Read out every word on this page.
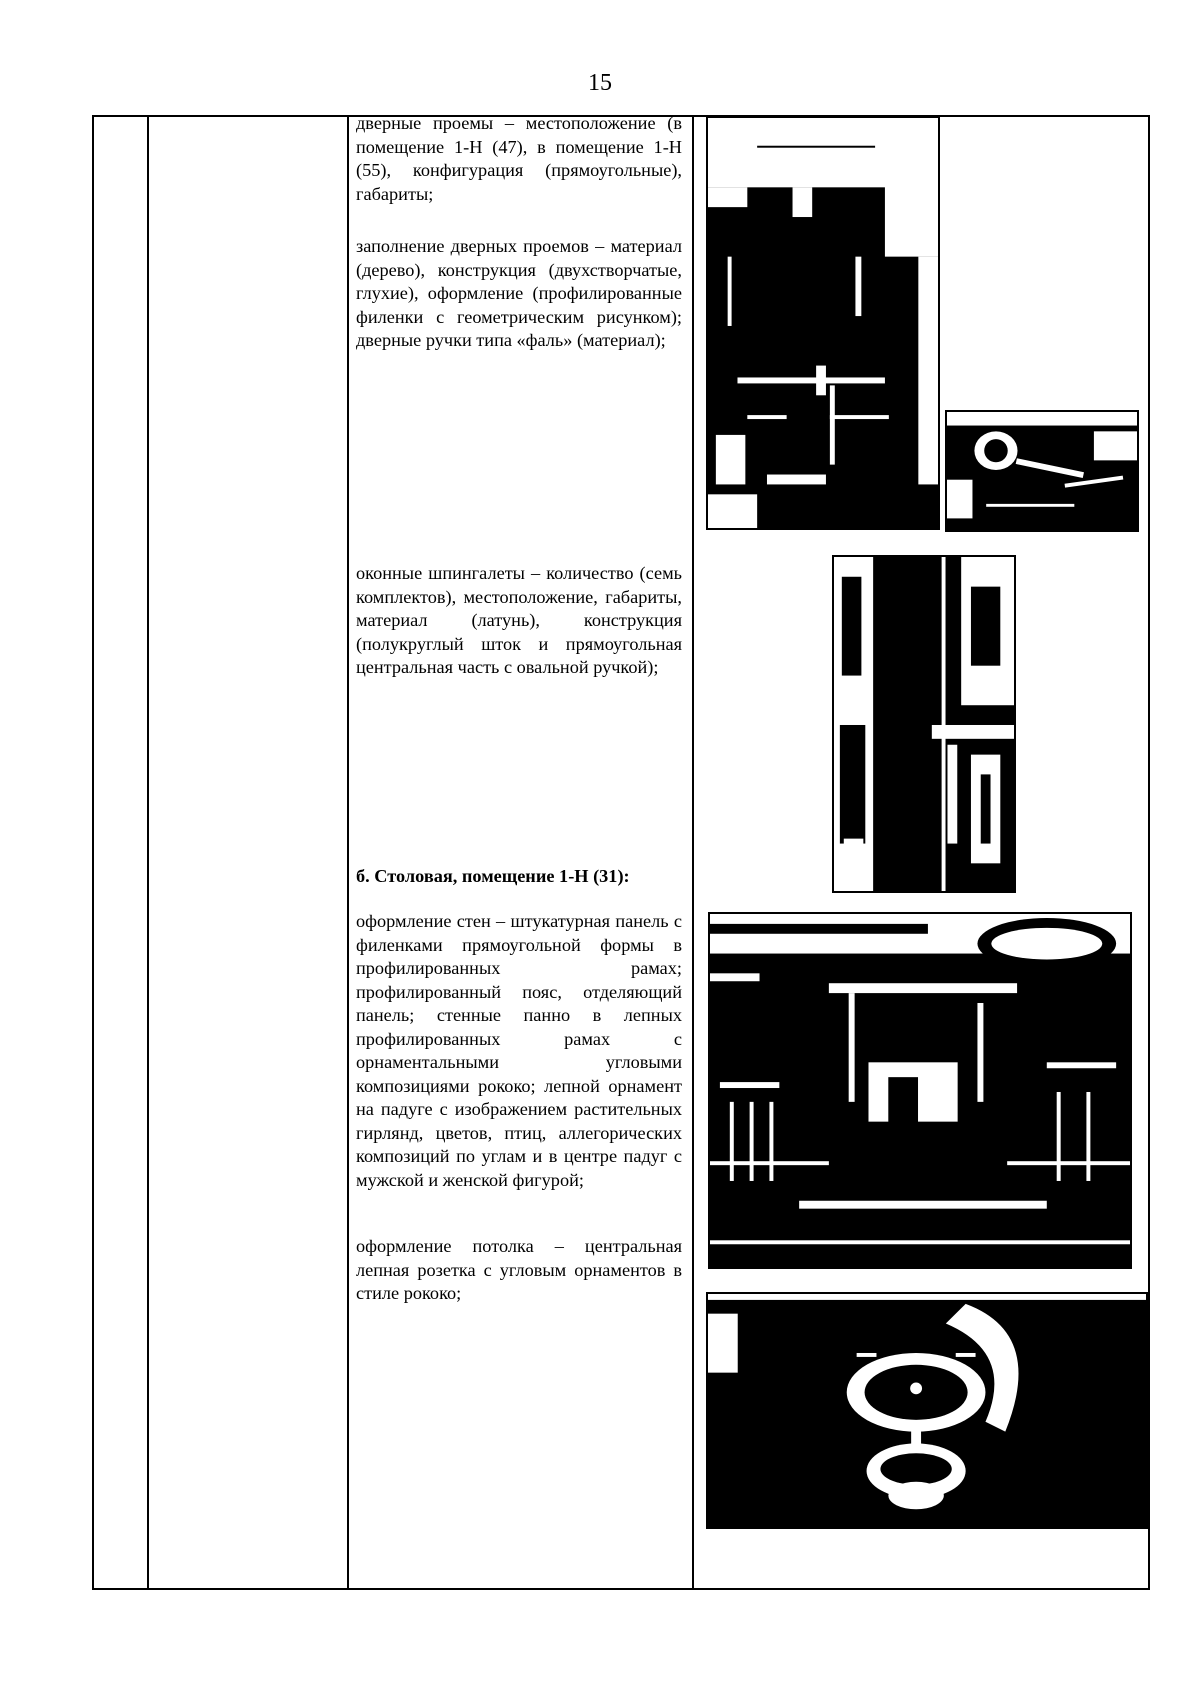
15
дверные проемы – местоположение (в помещение 1-Н (47), в помещение 1-Н (55), конфигурация (прямоугольные), габариты;
заполнение дверных проемов – материал (дерево), конструкция (двухстворчатые, глухие), оформление (профилированные филенки с геометрическим рисунком); дверные ручки типа «фаль» (материал);
оконные шпингалеты – количество (семь комплектов), местоположение, габариты, материал (латунь), конструкция (полукруглый шток и прямоугольная центральная часть с овальной ручкой);
б. Столовая, помещение 1-Н (31):
оформление стен – штукатурная панель с филенками прямоугольной формы в профилированных рамах; профилированный пояс, отделяющий панель; стенные панно в лепных профилированных рамах с орнаментальными угловыми композициями рококо; лепной орнамент на падуге с изображением растительных гирлянд, цветов, птиц, аллегорических композиций по углам и в центре падуг с мужской и женской фигурой;
оформление потолка – центральная лепная розетка с угловым орнаментов в стиле рококо;
